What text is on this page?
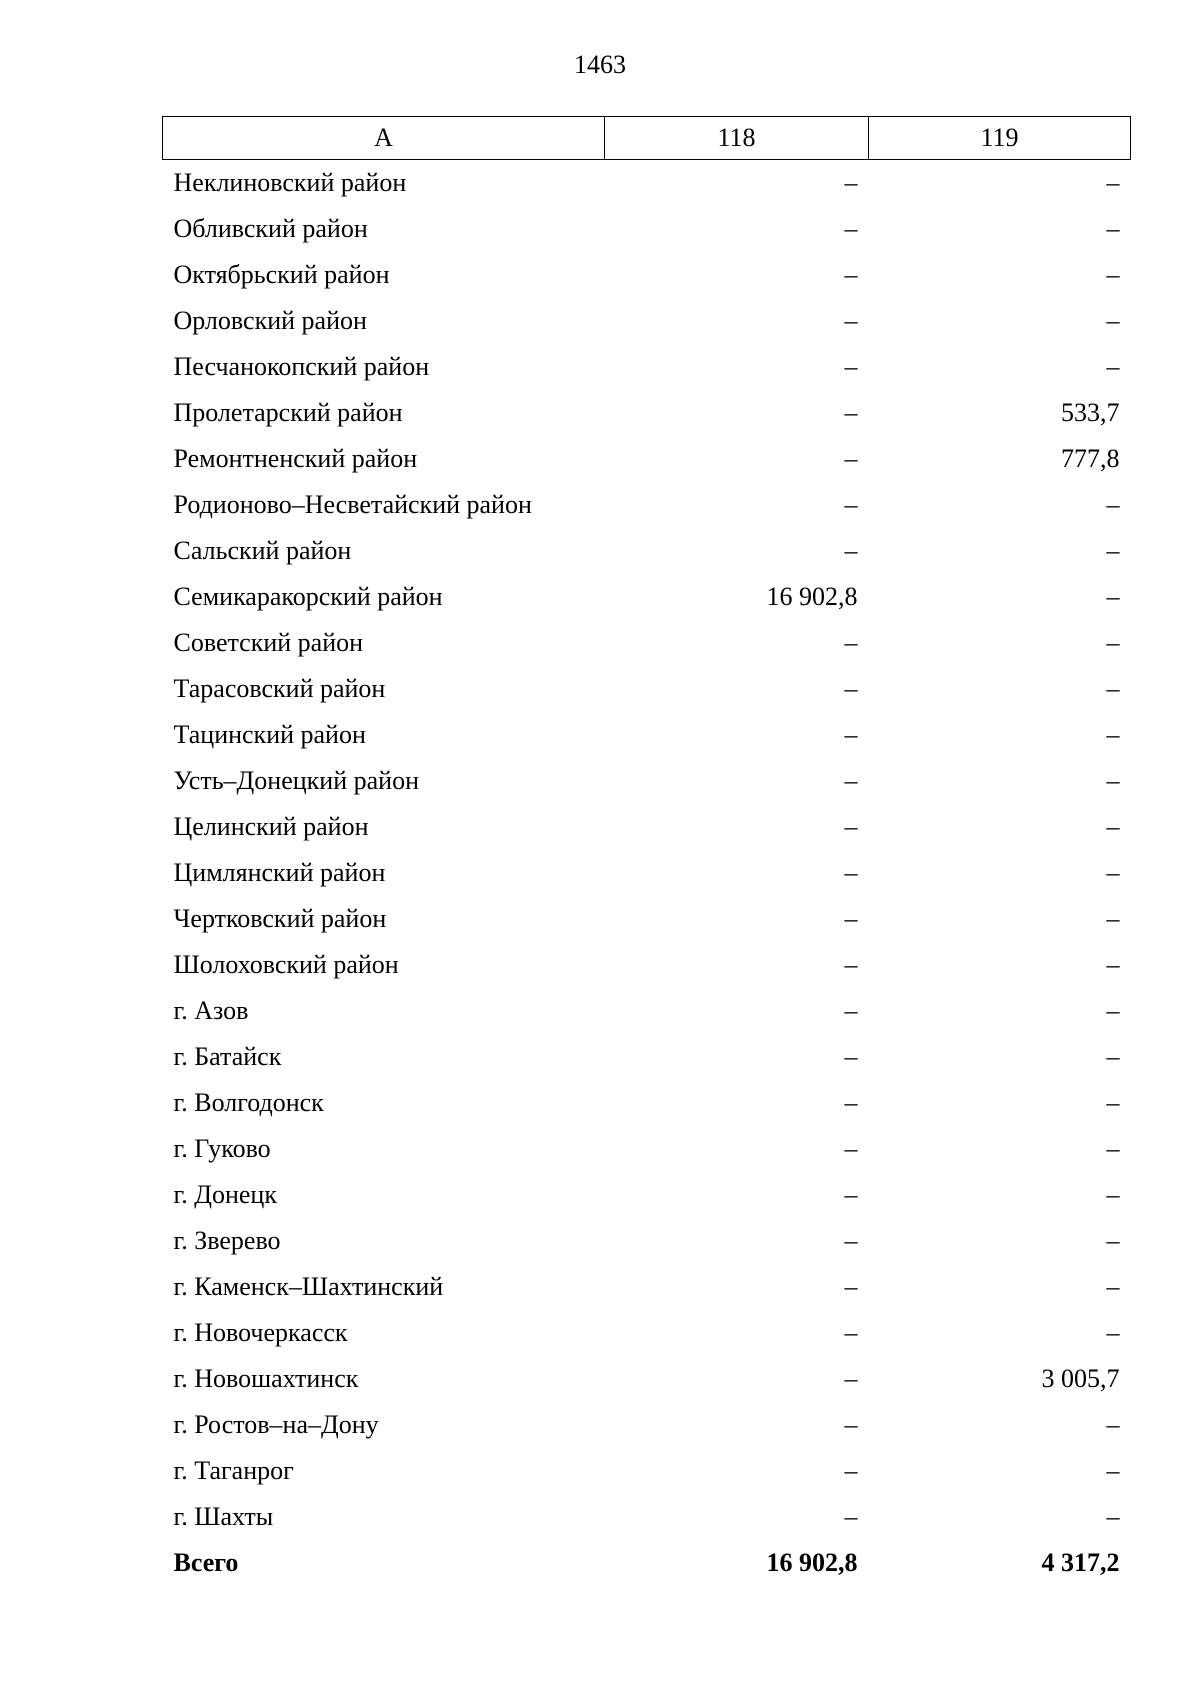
1463
А	118	119
Неклиновский район	–	–
Обливский район	–	–
Октябрьский район	–	–
Орловский район	–	–
Песчанокопский район	–	–
Пролетарский район	–	533,7
Ремонтненский район	–	777,8
Родионово–Несветайский район	–	–
Сальский район	–	–
Семикаракорский район	16 902,8	–
Советский район	–	–
Тарасовский район	–	–
Тацинский район	–	–
Усть–Донецкий район	–	–
Целинский район	–	–
Цимлянский район	–	–
Чертковский район	–	–
Шолоховский район	–	–
г. Азов	–	–
г. Батайск	–	–
г. Волгодонск	–	–
г. Гуково	–	–
г. Донецк	–	–
г. Зверево	–	–
г. Каменск–Шахтинский	–	–
г. Новочеркасск	–	–
г. Новошахтинск	–	3 005,7
г. Ростов–на–Дону	–	–
г. Таганрог	–	–
г. Шахты	–	–
Всего	16 902,8	4 317,2
